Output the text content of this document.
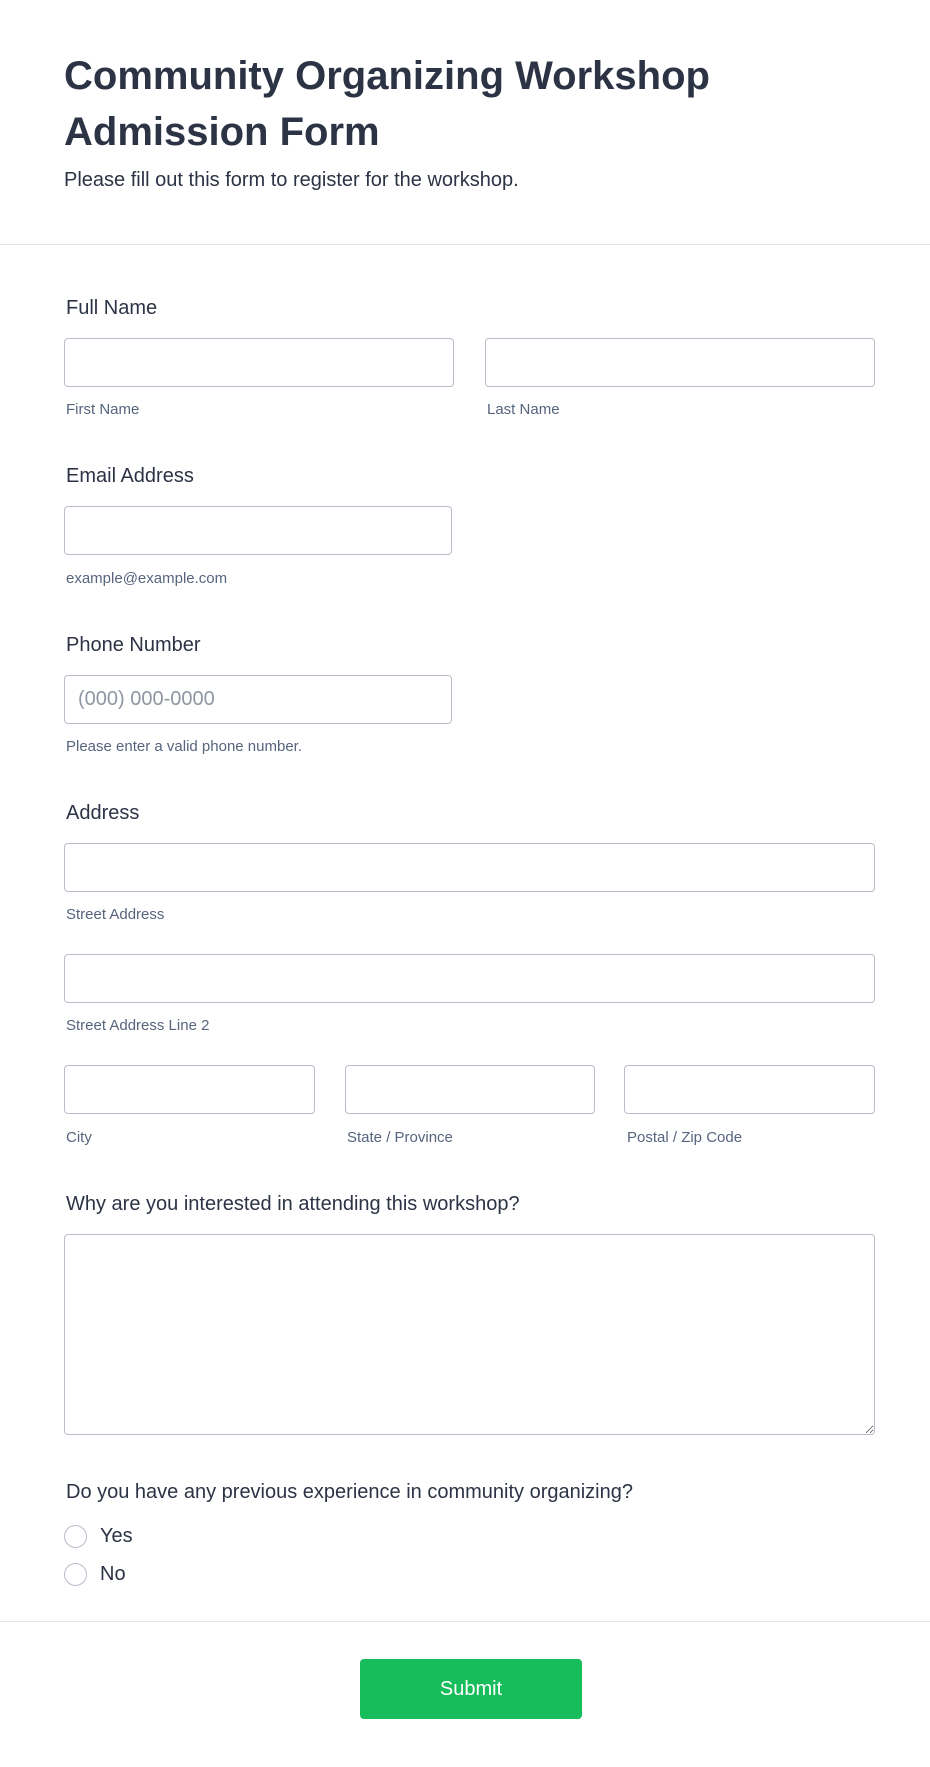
Community Organizing Workshop Admission Form

Please fill out this form to register for the workshop.

Full Name

First Name	Last Name

Email Address

example@example.com

Phone Number

(000) 000-0000

Please enter a valid phone number.

Address

Street Address

Street Address Line 2

City	State / Province	Postal / Zip Code

Why are you interested in attending this workshop?

Do you have any previous experience in community organizing?

Yes
No
Submit
